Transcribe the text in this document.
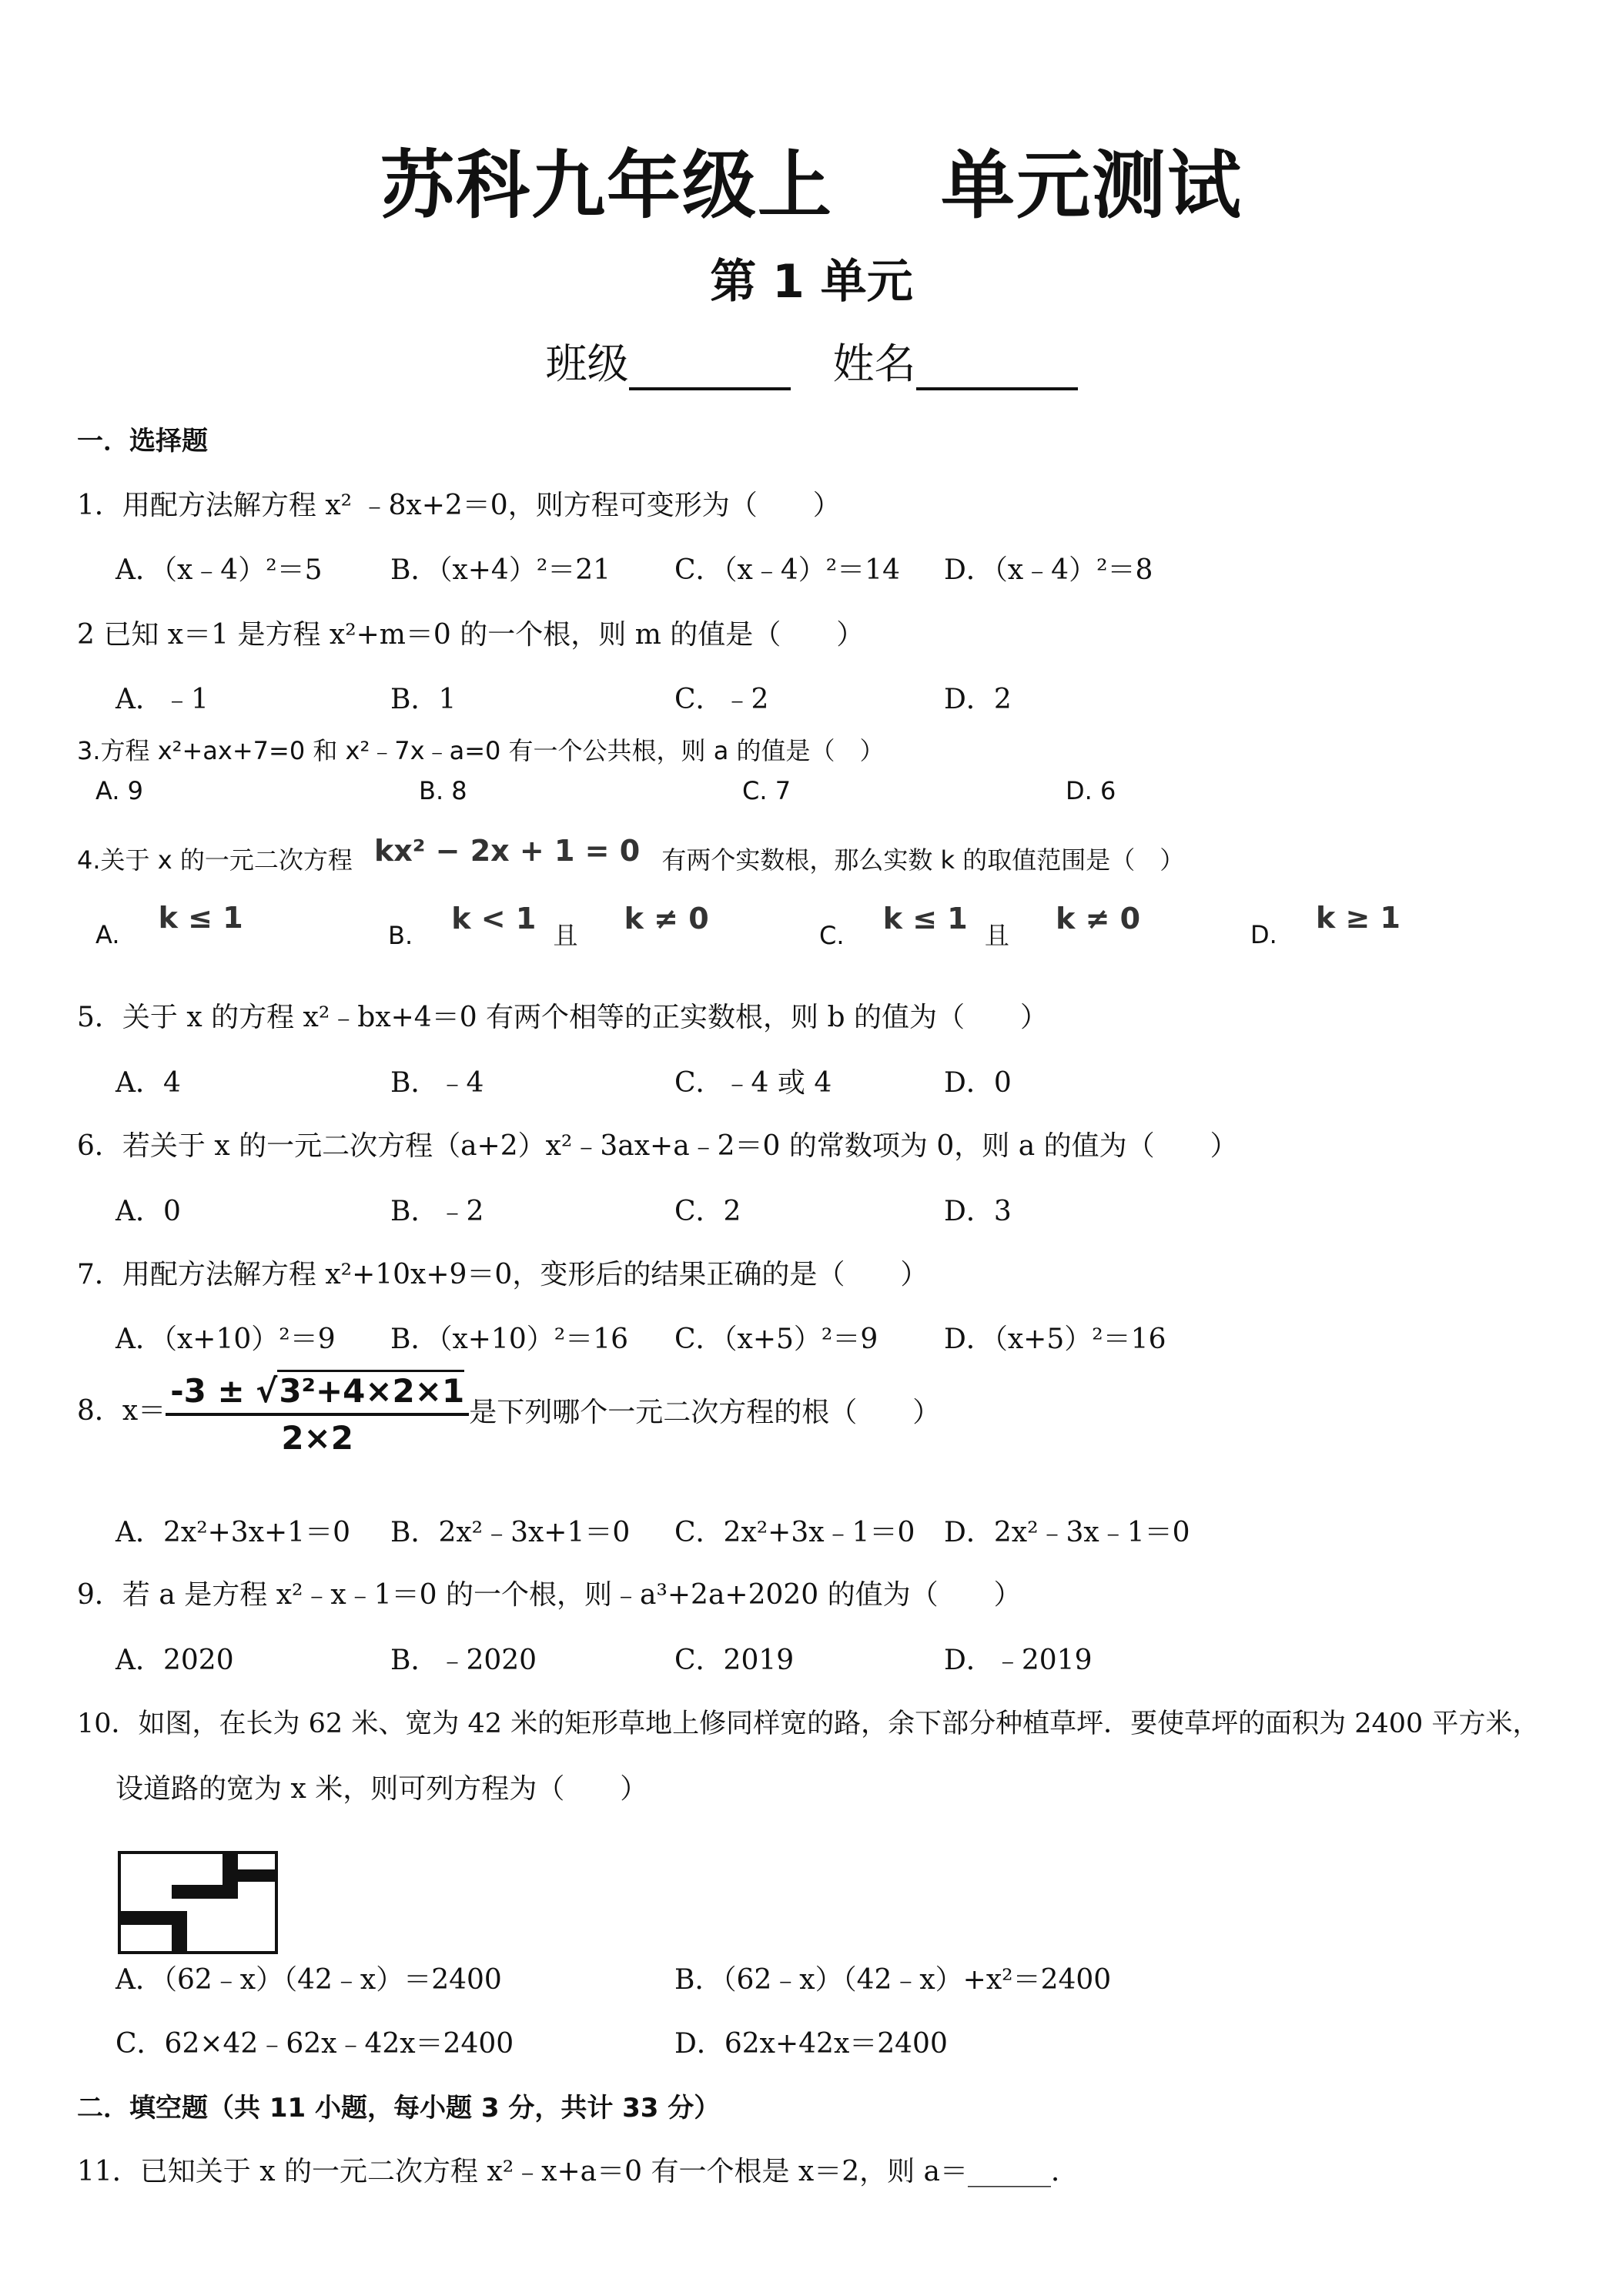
苏科九年级上 单元测试
第 1 单元
班级	姓名
一．选择题
1．用配方法解方程 x² ﹣8x+2＝0，则方程可变形为（　　）
A．（x﹣4）²＝5 B．（x+4）²＝21 C．（x﹣4）²＝14 D．（x﹣4）²＝8
2 已知 x＝1 是方程 x²+m＝0 的一个根，则 m 的值是（　　）
A．﹣1	B．1	C．﹣2	D．2
3.方程 x²+ax+7=0 和 x²﹣7x﹣a=0 有一个公共根，则 a 的值是（　）
A. 9	B. 8	C. 7	D. 6
4.关于 x 的一元二次方程 kx² − 2x + 1 = 0 有两个实数根，那么实数 k 的取值范围是（　）
A. k ≤ 1
B. k < 1 且 k ≠ 0	C. k ≤ 1 且 k ≠ 0	D. k ≥ 1
5．关于 x 的方程 x²﹣bx+4＝0 有两个相等的正实数根，则 b 的值为（　　）
A．4	B．﹣4	C．﹣4 或 4	D．0
6．若关于 x 的一元二次方程（a+2）x²﹣3ax+a﹣2＝0 的常数项为 0，则 a 的值为（　　）
A．0	B．﹣2	C．2	D．3
7．用配方法解方程 x²+10x+9＝0，变形后的结果正确的是（　　）
A．（x+10）²＝9 B．（x+10）²＝16 C．（x+5）²＝9 D．（x+5）²＝16
8．$x= \frac{\text{-3 ± √3²+4×2×1}}{2\times 2}$ 是下列哪个一元二次方程的根（　　）
A．2x²+3x+1＝0 B．2x²﹣3x+1＝0 C．2x²+3x﹣1＝0 D．2x²﹣3x﹣1＝0
9．若 a 是方程 x²﹣x﹣1＝0 的一个根，则﹣a³+2a+2020 的值为（　　）
A．2020	B．﹣2020	C．2019	D．﹣2019
10．如图，在长为 62 米、宽为 42 米的矩形草地上修同样宽的路，余下部分种植草坪．要使草坪的面积为 2400 平方米，
设道路的宽为 x 米，则可列方程为（　　）
A．（62﹣x）（42﹣x）＝2400	B．（62﹣x）（42﹣x）+x²＝2400
C．62×42﹣62x﹣42x＝2400	D．62x+42x＝2400
二．填空题（共 11 小题，每小题 3 分，共计 33 分）
11．已知关于 x 的一元二次方程 x²﹣x+a＝0 有一个根是 x＝2，则 a＝______．
